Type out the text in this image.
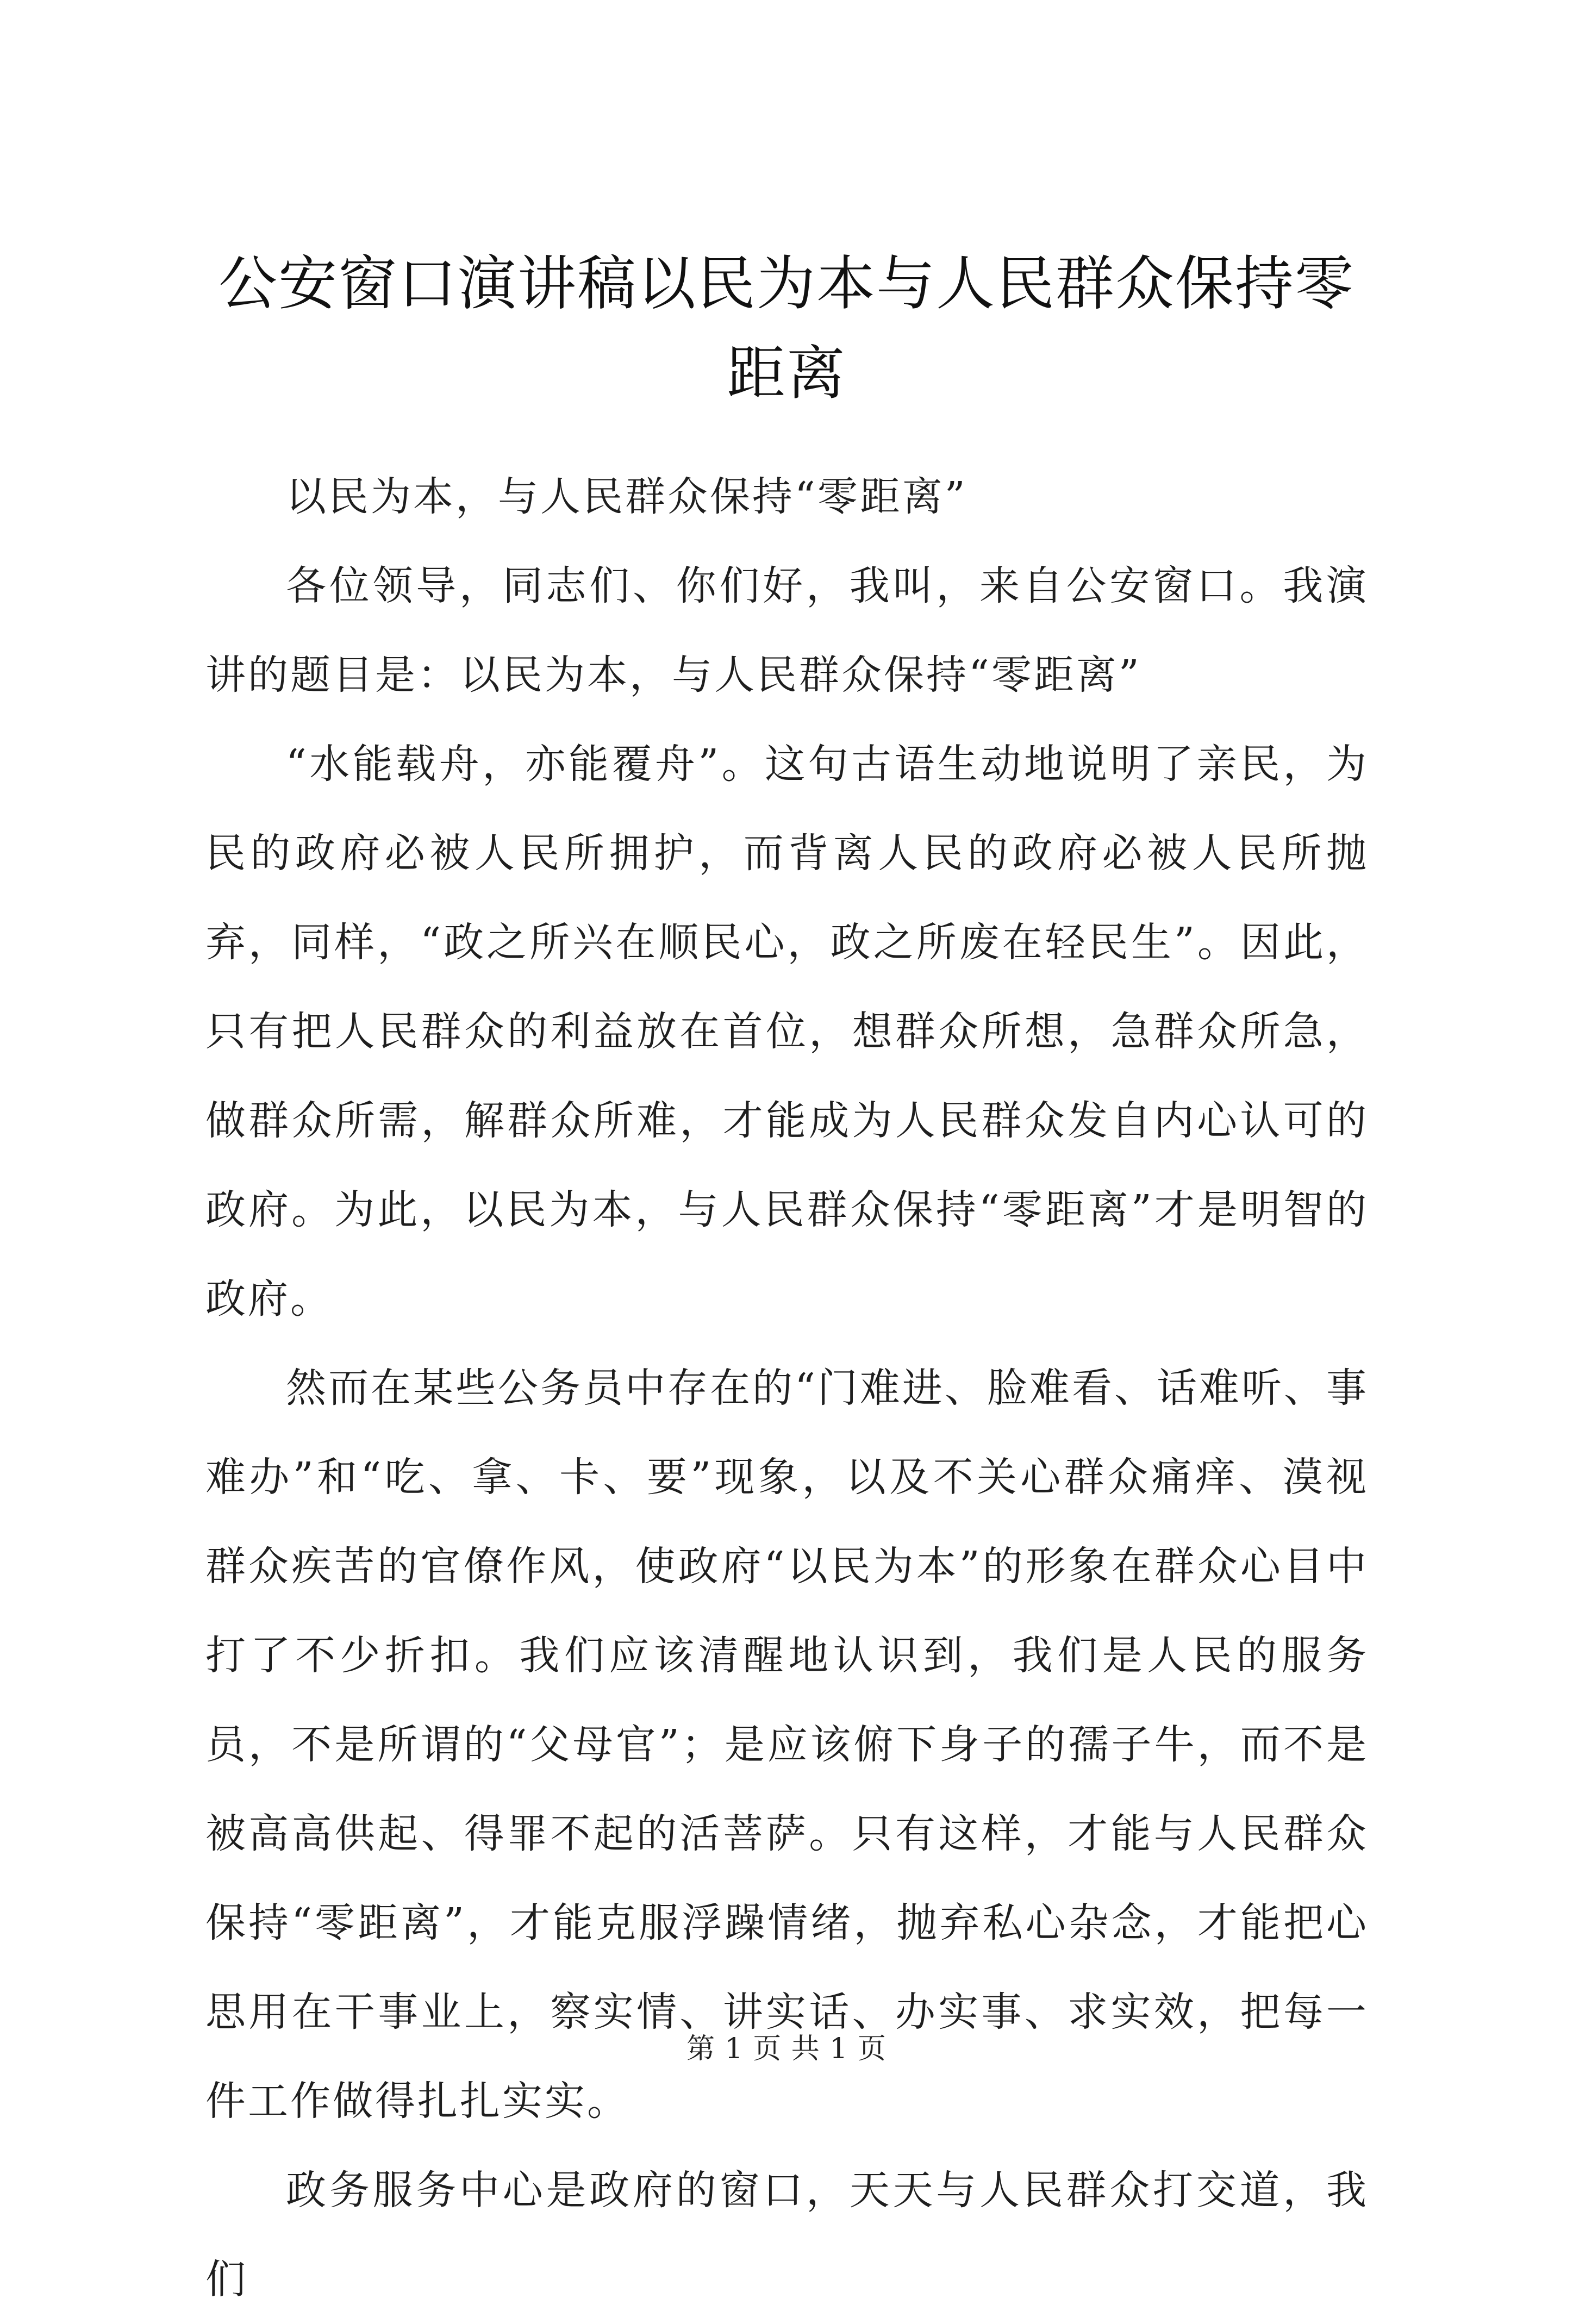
公安窗口演讲稿以民为本与人民群众保持零距离

以民为本，与人民群众保持“零距离”

各位领导，同志们、你们好，我叫，来自公安窗口。我演讲的题目是：以民为本，与人民群众保持“零距离”

“水能载舟，亦能覆舟”。这句古语生动地说明了亲民，为民的政府必被人民所拥护，而背离人民的政府必被人民所抛弃，同样，“政之所兴在顺民心，政之所废在轻民生”。因此，只有把人民群众的利益放在首位，想群众所想，急群众所急，做群众所需，解群众所难，才能成为人民群众发自内心认可的政府。为此，以民为本，与人民群众保持“零距离”才是明智的政府。

然而在某些公务员中存在的“门难进、脸难看、话难听、事难办”和“吃、拿、卡、要”现象，以及不关心群众痛痒、漠视群众疾苦的官僚作风，使政府“以民为本”的形象在群众心目中打了不少折扣。我们应该清醒地认识到，我们是人民的服务员，不是所谓的“父母官”；是应该俯下身子的孺子牛，而不是被高高供起、得罪不起的活菩萨。只有这样，才能与人民群众保持“零距离”，才能克服浮躁情绪，抛弃私心杂念，才能把心思用在干事业上，察实情、讲实话、办实事、求实效，把每一件工作做得扎扎实实。

政务服务中心是政府的窗口，天天与人民群众打交道，我们

第 1 页 共 1 页
